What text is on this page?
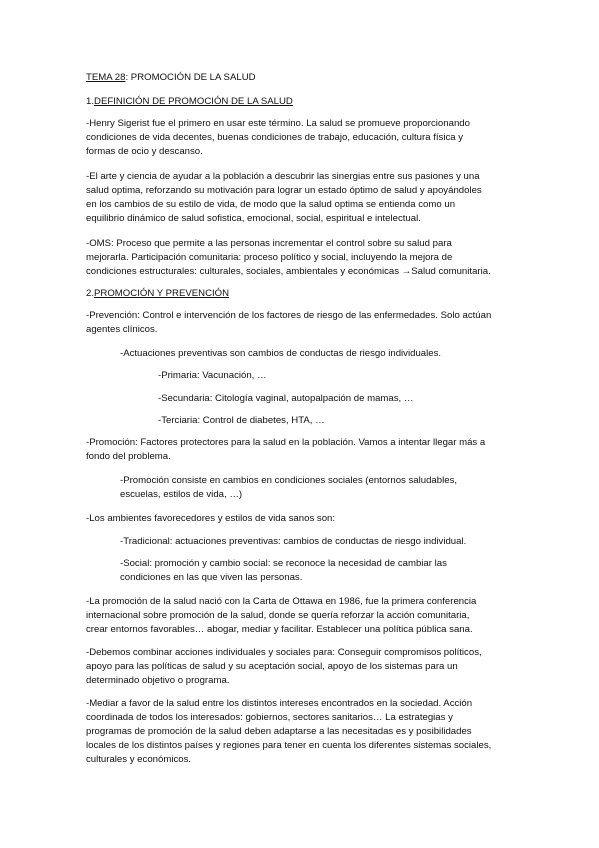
TEMA 28: PROMOCIÓN DE LA SALUD
1.DEFINICIÓN DE PROMOCIÓN DE LA SALUD

-Henry Sigerist fue el primero en usar este término. La salud se promueve proporcionando

condiciones de vida decentes, buenas condiciones de trabajo, educación, cultura física y

formas de ocio y descanso.

-El arte y ciencia de ayudar a la población a descubrir las sinergias entre sus pasiones y una

salud optima, reforzando su motivación para lograr un estado óptimo de salud y apoyándoles

en los cambios de su estilo de vida, de modo que la salud optima se entienda como un

equilibrio dinámico de salud sofistica, emocional, social, espiritual e intelectual.

-OMS: Proceso que permite a las personas incrementar el control sobre su salud para

mejorarla. Participación comunitaria: proceso político y social, incluyendo la mejora de

condiciones estructurales: culturales, sociales, ambientales y económicas →Salud comunitaria.

2.PROMOCIÓN Y PREVENCIÓN

-Prevención: Control e intervención de los factores de riesgo de las enfermedades. Solo actúan

agentes clínicos.

-Actuaciones preventivas son cambios de conductas de riesgo individuales.
-Primaria: Vacunación, …
-Secundaria: Citología vaginal, autopalpación de mamas, …
-Terciaria: Control de diabetes, HTA, …

-Promoción: Factores protectores para la salud en la población. Vamos a intentar llegar más a

fondo del problema.

-Promoción consiste en cambios en condiciones sociales (entornos saludables,

escuelas, estilos de vida, …)

-Los ambientes favorecedores y estilos de vida sanos son:
-Tradicional: actuaciones preventivas: cambios de conductas de riesgo individual.

-Social: promoción y cambio social: se reconoce la necesidad de cambiar las

condiciones en las que viven las personas.

-La promoción de la salud nació con la Carta de Ottawa en 1986, fue la primera conferencia

internacional sobre promoción de la salud, donde se quería reforzar la acción comunitaria,

crear entornos favorables… abogar, mediar y facilitar. Establecer una política pública sana.

-Debemos combinar acciones individuales y sociales para: Conseguir compromisos políticos,

apoyo para las políticas de salud y su aceptación social, apoyo de los sistemas para un

determinado objetivo o programa.

-Mediar a favor de la salud entre los distintos intereses encontrados en la sociedad. Acción

coordinada de todos los interesados: gobiernos, sectores sanitarios… La estrategias y

programas de promoción de la salud deben adaptarse a las necesitadas es y posibilidades

locales de los distintos países y regiones para tener en cuenta los diferentes sistemas sociales,

culturales y económicos.
